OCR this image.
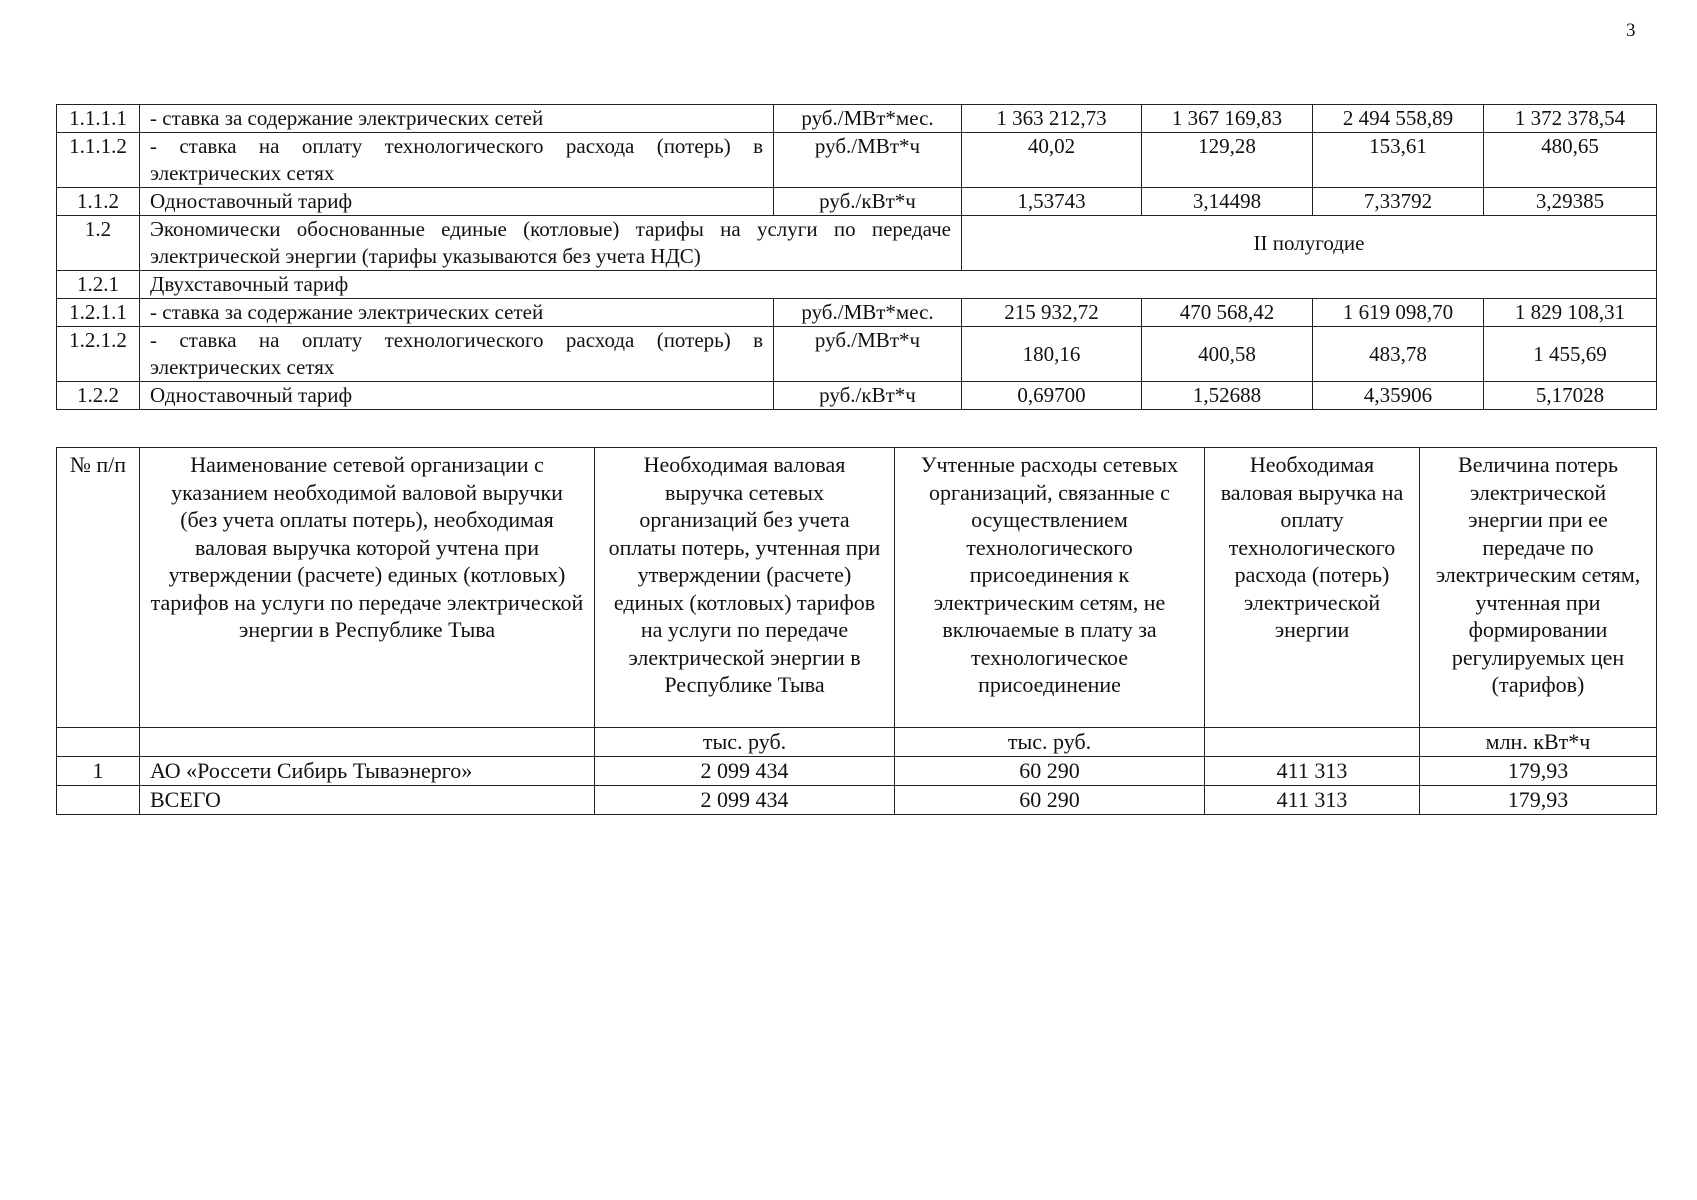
3
1.1.1.1	- ставка за содержание электрических сетей	руб./МВт*мес.	1 363 212,73	1 367 169,83	2 494 558,89	1 372 378,54
1.1.1.2	- ставка на оплату технологического расхода (потерь) в
электрических сетях	руб./МВт*ч	40,02	129,28	153,61	480,65
1.1.2	Одноставочный тариф	руб./кВт*ч	1,53743	3,14498	7,33792	3,29385
1.2	Экономически обоснованные единые (котловые) тарифы на услуги по передаче
электрической энергии (тарифы указываются без учета НДС)		II полугодие			
1.2.1	Двухставочный тариф					
1.2.1.1	- ставка за содержание электрических сетей	руб./МВт*мес.	215 932,72	470 568,42	1 619 098,70	1 829 108,31
1.2.1.2	- ставка на оплату технологического расхода (потерь) в
электрических сетях	руб./МВт*ч	180,16	400,58	483,78	1 455,69
1.2.2	Одноставочный тариф	руб./кВт*ч	0,69700	1,52688	4,35906	5,17028
№ п/п	Наименование сетевой организации с указанием необходимой валовой выручки (без учета оплаты потерь), необходимая валовая выручка которой учтена при утверждении (расчете) единых (котловых) тарифов на услуги по передаче электрической энергии в Республике Тыва	Необходимая валовая выручка сетевых организаций без учета оплаты потерь, учтенная при утверждении (расчете) единых (котловых) тарифов на услуги по передаче электрической энергии в Республике Тыва	Учтенные расходы сетевых организаций, связанные с осуществлением технологического присоединения к электрическим сетям, не включаемые в плату за технологическое присоединение	Необходимая валовая выручка на оплату технологического расхода (потерь) электрической энергии	Величина потерь электрической энергии при ее передаче по электрическим сетям, учтенная при формировании регулируемых цен (тарифов)
		тыс. руб.	тыс. руб.		млн. кВт*ч
1	АО «Россети Сибирь Тываэнерго»	2 099 434	60 290	411 313	179,93
	ВСЕГО	2 099 434	60 290	411 313	179,93
